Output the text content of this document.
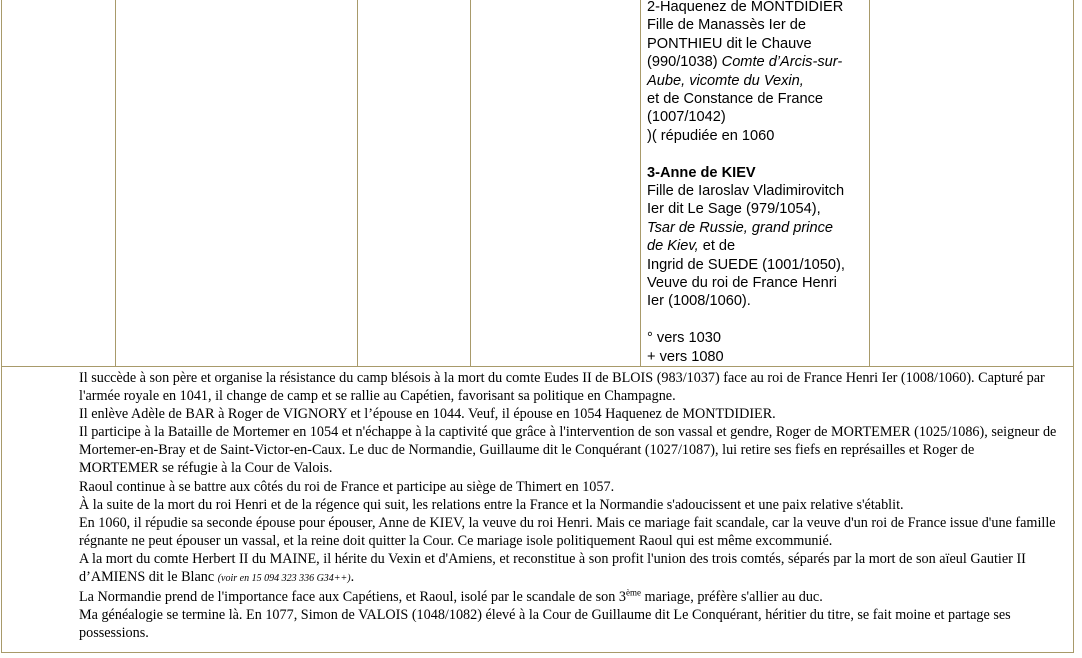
2-Haquenez de MONTDIDIER

Fille de Manassès Ier de

PONTHIEU dit le Chauve

(990/1038) Comte d’Arcis-sur-

Aube, vicomte du Vexin,

et de Constance de France

(1007/1042)

)( répudiée en 1060

3-Anne de KIEV

Fille de Iaroslav Vladimirovitch

Ier dit Le Sage (979/1054),

Tsar de Russie, grand prince

de Kiev, et de

Ingrid de SUEDE (1001/1050),

Veuve du roi de France Henri

Ier (1008/1060).

° vers 1030

+ vers 1080

Il succède à son père et organise la résistance du camp blésois à la mort du comte Eudes II de BLOIS (983/1037) face au roi de France Henri Ier (1008/1060). Capturé par l'armée royale en 1041, il change de camp et se rallie au Capétien, favorisant sa politique en Champagne.

Il enlève Adèle de BAR à Roger de VIGNORY et l’épouse en 1044. Veuf, il épouse en 1054 Haquenez de MONTDIDIER.

Il participe à la Bataille de Mortemer en 1054 et n'échappe à la captivité que grâce à l'intervention de son vassal et gendre, Roger de MORTEMER (1025/1086), seigneur de Mortemer-en-Bray et de Saint-Victor-en-Caux. Le duc de Normandie, Guillaume dit le Conquérant (1027/1087), lui retire ses fiefs en représailles et Roger de MORTEMER se réfugie à la Cour de Valois.

Raoul continue à se battre aux côtés du roi de France et participe au siège de Thimert en 1057.

À la suite de la mort du roi Henri et de la régence qui suit, les relations entre la France et la Normandie s'adoucissent et une paix relative s'établit.

En 1060, il répudie sa seconde épouse pour épouser, Anne de KIEV, la veuve du roi Henri. Mais ce mariage fait scandale, car la veuve d'un roi de France issue d'une famille régnante ne peut épouser un vassal, et la reine doit quitter la Cour. Ce mariage isole politiquement Raoul qui est même excommunié.

A la mort du comte Herbert II du MAINE, il hérite du Vexin et d'Amiens, et reconstitue à son profit l'union des trois comtés, séparés par la mort de son aïeul Gautier II d’AMIENS dit le Blanc (voir en 15 094 323 336 G34++).

La Normandie prend de l'importance face aux Capétiens, et Raoul, isolé par le scandale de son 3ème mariage, préfère s'allier au duc.

Ma généalogie se termine là. En 1077, Simon de VALOIS (1048/1082) élevé à la Cour de Guillaume dit Le Conquérant, héritier du titre, se fait moine et partage ses possessions.
